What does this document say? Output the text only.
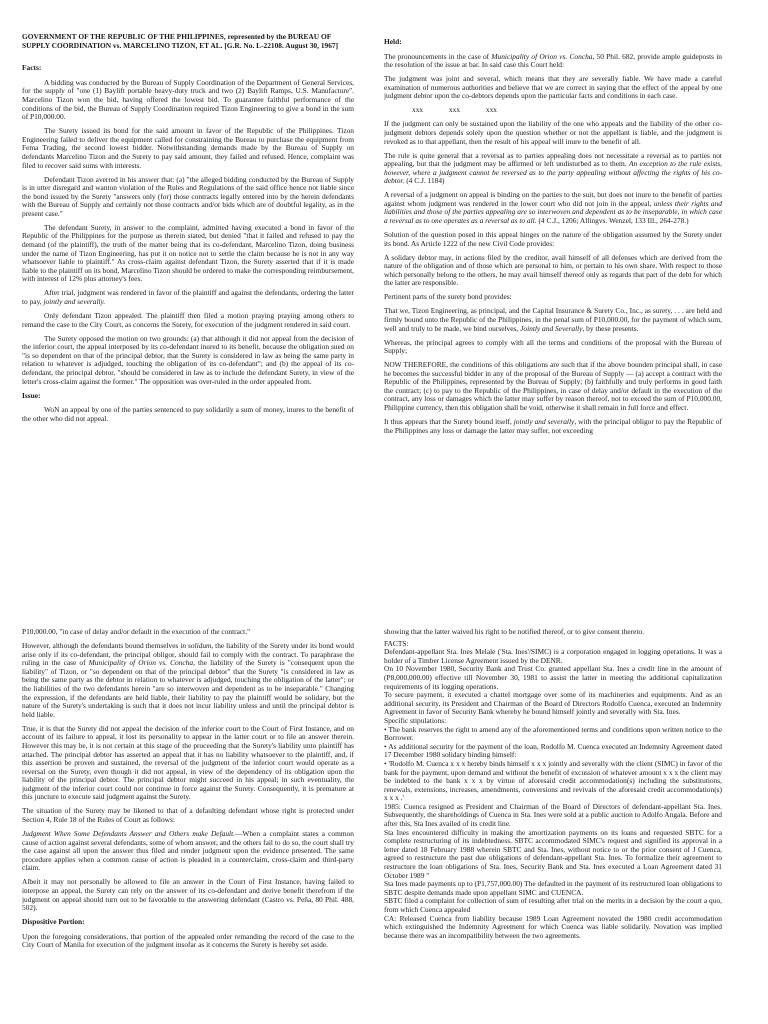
GOVERNMENT OF THE REPUBLIC OF THE PHILIPPINES, represented by the BUREAU OF SUPPLY COORDINATION vs. MARCELINO TIZON, ET AL. [G.R. No. L-22108. August 30, 1967]

Facts:

A bidding was conducted by the Bureau of Supply Coordination of the Department of General Services, for the supply of "one (1) Baylift portable heavy-duty truck and two (2) Baylift Ramps, U.S. Manufacture". Marcelino Tizon won the bid, having offered the lowest bid. To guarantee faithful performance of the conditions of the bid, the Bureau of Supply Coordination required Tizon Engineering to give a bond in the sum of P10,000.00.

The Surety issued its bond for the said amount in favor of the Republic of the Philippines. Tizon Engineering failed to deliver the equipment called for constraining the Bureau to purchase the equipment from Fema Trading, the second lowest bidder. Notwithstanding demands made by the Bureau of Supply on defendants Marcelino Tizon and the Surety to pay said amount, they failed and refused. Hence, complaint was filed to recover said sums with interests.

Defendant Tizon averred in his answer that: (a) "the alleged bidding conducted by the Bureau of Supply is in utter disregard and wanton violation of the Rules and Regulations of the said office hence not liable since the bond issued by the Surety "answers only (for) those contracts legally entered into by the herein defendants with the Bureau of Supply and certainly not those contracts and/or bids which are of doubtful legality, as in the present case."

The defendant Surety, in answer to the complaint, admitted having executed a bond in favor of the Republic of the Philippines for the purpose as therein stated, but denied "that it failed and refused to pay the demand (of the plaintiff), the truth of the matter being that its co-defendant, Marcelino Tizon, doing business under the name of Tizon Engineering, has put it on notice not to settle the claim because he is not in any way whatsoever liable to plaintiff." As cross-claim against defendant Tizon, the Surety asserted that if it is made liable to the plaintiff on its bond, Marcelino Tizon should be ordered to make the corresponding reimbursement, with interest of 12% plus attorney's fees.

After trial, judgment was rendered in favor of the plaintiff and against the defendants, ordering the latter to pay, jointly and severally.

Only defendant Tizon appealed. The plaintiff then filed a motion praying praying among others to remand the case to the City Court, as concerns the Surety, for execution of the judgment rendered in said court.

The Surety opposed the motion on two grounds: (a) that although it did not appeal from the decision of the inferior court, the appeal interposed by its co-defendant inured to its benefit, because the obligation sued on "is so dependent on that of the principal debtor, that the Surety is considered in law as being the same party in relation to whatever is adjudged, touching the obligation of its co-defendant"; and (b) the appeal of its co-defendant, the principal debtor, "should be considered in law as to include the defendant Surety, in view of the letter's cross-claim against the former." The opposition was over-ruled in the order appealed from.

Issue:

WoN an appeal by one of the parties sentenced to pay solidarily a sum of money, inures to the benefit of the other who did not appeal.

Held:

The pronouncements in the case of Municipality of Orion vs. Concha, 50 Phil. 682, provide ample guideposts in the resolution of the issue at bar. In said case this Court held:

The judgment was joint and several, which means that they are severally liable. We have made a careful examination of numerous authorities and believe that we are correct in saying that the effect of the appeal by one judgment debtor upon the co-debtors depends upon the particular facts and conditions in each case.

xxx xxx xxx

If the judgment can only be sustained upon the liability of the one who appeals and the liability of the other co-judgment debtors depends solely upon the question whether or not the appellant is liable, and the judgment is revoked as to that appellant, then the result of his appeal will inure to the benefit of all.

The rule is quite general that a reversal as to parties appealing does not necessitate a reversal as to parties not appealing, but that the judgment may be affirmed or left undisturbed as to them. An exception to the rule exists, however, where a judgment cannot be reversed as to the party appealing without affecting the rights of his co-debtor. (4 C.J. 1184)

A reversal of a judgment on appeal is binding on the parties to the suit, but does not inure to the benefit of parties against whom judgment was rendered in the lower court who did not join in the appeal, unless their rights and liabilities and those of the parties appealing are so interwoven and dependent as to be inseparable, in which case a reversal as to one operates as a reversal as to all. (4 C.J., 1206; Allingvs. Wenzel, 133 Ill., 264-278.)

Solution of the question posed in this appeal hinges on the nature of the obligation assumed by the Surety under its bond. As Article 1222 of the new Civil Code provides:

A solidary debtor may, in actions filed by the creditor, avail himself of all defenses which are derived from the nature of the obligation and of those which are personal to him, or pertain to his own share. With respect to those which personally belong to the others, he may avail himself thereof only as regards that part of the debt for which the latter are responsible.

Pertinent parts of the surety bond provides:

That we, Tizon Engineering, as principal, and the Capital Insurance & Surety Co., Inc., as surety, . . . are held and firmly bound unto the Republic of the Philippines, in the penal sum of P10,000.00, for the payment of which sum, well and truly to be made, we bind ourselves, Jointly and Severally, by these presents.

Whereas, the principal agrees to comply with all the terms and conditions of the proposal with the Bureau of Supply;

NOW THEREFORE, the conditions of this obligations are such that if the above bounden principal shall, in case he becomes the successful bidder in any of the proposal of the Bureau of Supply — (a) accept a contract with the Republic of the Philippines, represented by the Bureau of Supply; (b) faithfully and truly performs in good faith the contract; (c) to pay to the Republic of the Philippines, in case of delay and/or default in the execution of the contract, any loss or damages which the latter may suffer by reason thereof, not to exceed the sum of P10,000.00, Philippine currency, then this obligation shall be void, otherwise it shall remain in full force and effect.

It thus appears that the Surety bound itself, jointly and severally, with the principal obligor to pay the Republic of the Philippines any loss or damage the latter may suffer, not exceeding

P10,000.00, "in case of delay and/or default in the execution of the contract."

However, although the defendants bound themselves in solidum, the liability of the Surety under its bond would arise only if its co-defendant, the principal obligor, should fail to comply with the contract. To paraphrase the ruling in the case of Municipality of Orion vs. Concha, the liability of the Surety is "consequent upon the liability" of Tizon, or "so dependent on that of the principal debtor" that the Surety "is considered in law as being the same party as the debtor in relation to whatever is adjudged, touching the obligation of the latter"; or the liabilities of the two defendants herein "are so interwoven and dependent as to be inseparable." Changing the expression, if the defendants are held liable, their liability to pay the plaintiff would be solidary, but the nature of the Surety's undertaking is such that it does not incur liability unless and until the principal debtor is held liable.

True, it is that the Surety did not appeal the decision of the inferior court to the Court of First Instance, and on account of its failure to appeal, it lost its personality to appear in the latter court or to file an answer therein. However this may be, it is not certain at this stage of the proceeding that the Surety's liability unto plaintiff has attached. The principal debtor has asserted an appeal that it has no liability whatsoever to the plaintiff, and, if this assertion be proven and sustained, the reversal of the judgment of the inferior court would operate as a reversal on the Surety, even though it did not appeal, in view of the dependency of its obligation upon the liability of the principal debtor. The principal debtor might succeed in his appeal; in such eventuality, the judgment of the inferior court could not continue in force against the Surety. Consequently, it is premature at this juncture to execute said judgment against the Surety.

The situation of the Surety may be likened to that of a defaulting defendant whose right is protected under Section 4, Rule 18 of the Rules of Court as follows:

Judgment When Some Defendants Answer and Others make Default.—When a complaint states a common cause of action against several defendants, some of whom answer, and the others fail to do so, the court shall try the case against all upon the answer thus filed and render judgment upon the evidence presented. The same procedure applies when a common cause of action is pleaded in a counterclaim, cross-claim and third-party claim.

Albeit it may not personally be allowed to file an answer in the Court of First Instance, having failed to interpose an appeal, the Surety can rely on the answer of its co-defendant and derive benefit therefrom if the judgment on appeal should turn out to be favorable to the answering defendant (Castro vs. Peña, 80 Phil. 488, 502).

Dispositive Portion:

Upon the foregoing considerations, that portion of the appealed order remanding the record of the case to the City Court of Manila for execution of the judgment insofar as it concerns the Surety is hereby set aside.

showing that the latter waived his right to be notified thereof, or to give consent thereto.

FACTS:

Defendant-appellant Sta. Ines Melale ('Sta. Ines'/SIMC) is a corporation engaged in logging operations. It was a holder of a Timber License Agreement issued by the DENR.

On 10 November 1980, Security Bank and Trust Co. granted appellant Sta. Ines a credit line in the amount of (P8,000,000.00) effective till November 30, 1981 to assist the latter in meeting the additional capitalization requirements of its logging operations.

To secure payment, it executed a chattel mortgage over some of its machineries and equipments. And as an additional security, its President and Chairman of the Board of Directors Rodolfo Cuenca, executed an Indemnity Agreement in favor of Security Bank whereby he bound himself jointly and severally with Sta. Ines.

Specific stipulations:

• The bank reserves the right to amend any of the aforementioned terms and conditions upon written notice to the Borrower.

• As additional security for the payment of the loan, Rodolfo M. Cuenca executed an Indemnity Agreement dated 17 December 1980 solidary binding himself:

• 'Rodolfo M. Cuenca x x x hereby binds himself x x x jointly and severally with the client (SIMC) in favor of the bank for the payment, upon demand and without the benefit of excussion of whatever amount x x x the client may be indebted to the bank x x x by virtue of aforesaid credit accommodation(s) including the substitutions, renewals, extensions, increases, amendments, conversions and revivals of the aforesaid credit accommodation(s) x x x .'

1985: Cuenca resigned as President and Chairman of the Board of Directors of defendant-appellant Sta. Ines. Subsequently, the shareholdings of Cuenca in Sta. Ines were sold at a public auction to Adolfo Angala. Before and after this, Sta Ines availed of its credit line.

Sta Ines encountered difficulty in making the amortization payments on its loans and requested SBTC for a complete restructuring of its indebtedness. SBTC accommodated SIMC's request and signified its approval in a letter dated 18 February 1988 wherein SBTC and Sta. Ines, without notice to or the prior consent of J Cuenca, agreed to restructure the past due obligations of defendant-appellant Sta. Ines. To formalize their agreement to restructure the loan obligations of Sta. Ines, Security Bank and Sta. Ines executed a Loan Agreement dated 31 October 1989 "

Sta Ines made payments up to (P1,757,000.00) The defaulted in the payment of its restructured loan obligations to SBTC despite demands made upon appellant SIMC and CUENCA.

SBTC filed a complaint for collection of sum of resulting after trial on the merits in a decision by the court a quo, from which Cuenca appealed

CA: Released Cuenca from liability because 1989 Loan Agreement novated the 1980 credit accommodation which extinguished the Indemnity Agreement for which Cuenca was liable solidarily. Novation was implied because there was an incompatibility between the two agreements.
